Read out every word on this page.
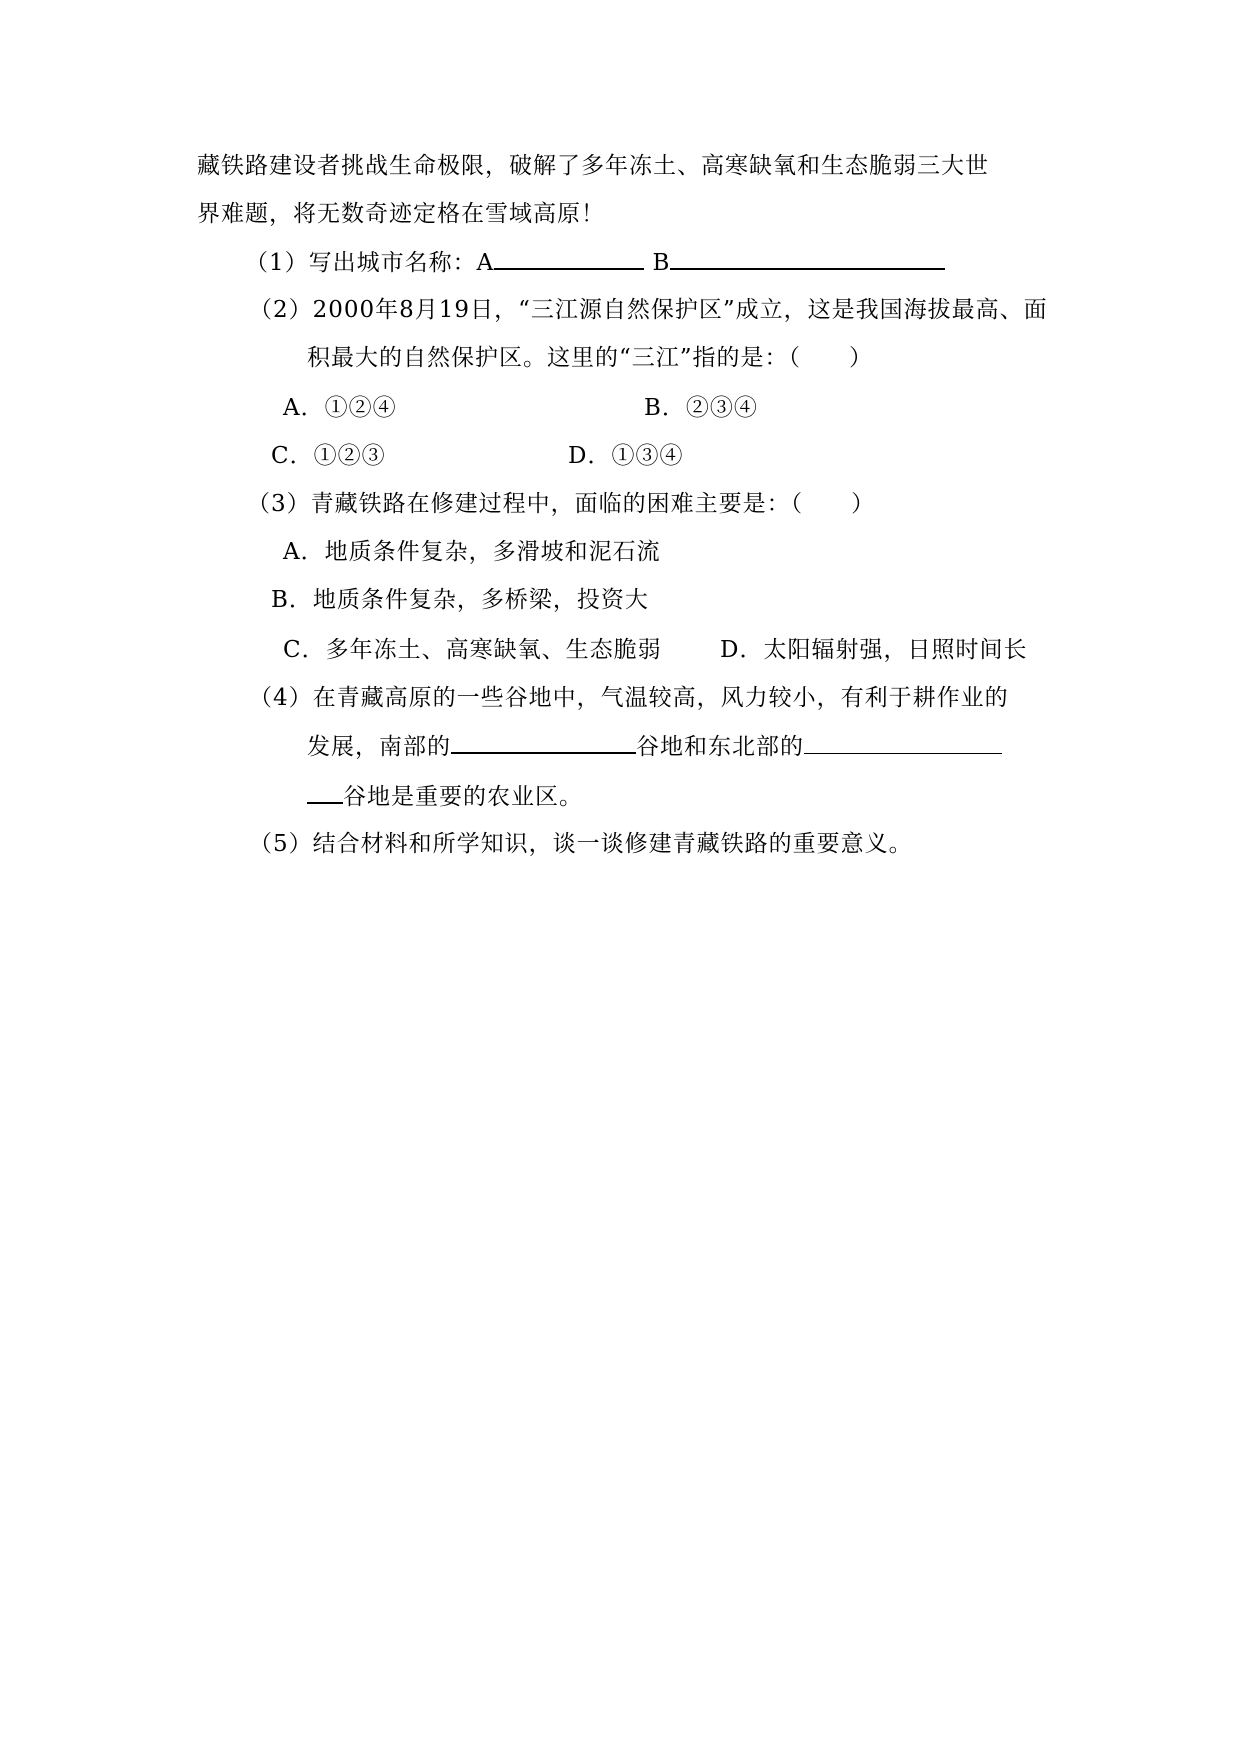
藏铁路建设者挑战生命极限，破解了多年冻土、高寒缺氧和生态脆弱三大世
界难题，将无数奇迹定格在雪域高原！
（1）写出城市名称：A	B
（2）2000年8月19日，“三江源自然保护区”成立，这是我国海拔最高、面
积最大的自然保护区。这里的“三江”指的是：（　　）
A．①②④	B．②③④
C．①②③	D．①③④
（3）青藏铁路在修建过程中，面临的困难主要是：（　　）
A．地质条件复杂，多滑坡和泥石流
B．地质条件复杂，多桥梁，投资大
C．多年冻土、高寒缺氧、生态脆弱	D．太阳辐射强，日照时间长
（4）在青藏高原的一些谷地中，气温较高，风力较小，有利于耕作业的
发展，南部的	谷地和东北部的
谷地是重要的农业区。
（5）结合材料和所学知识，谈一谈修建青藏铁路的重要意义。
